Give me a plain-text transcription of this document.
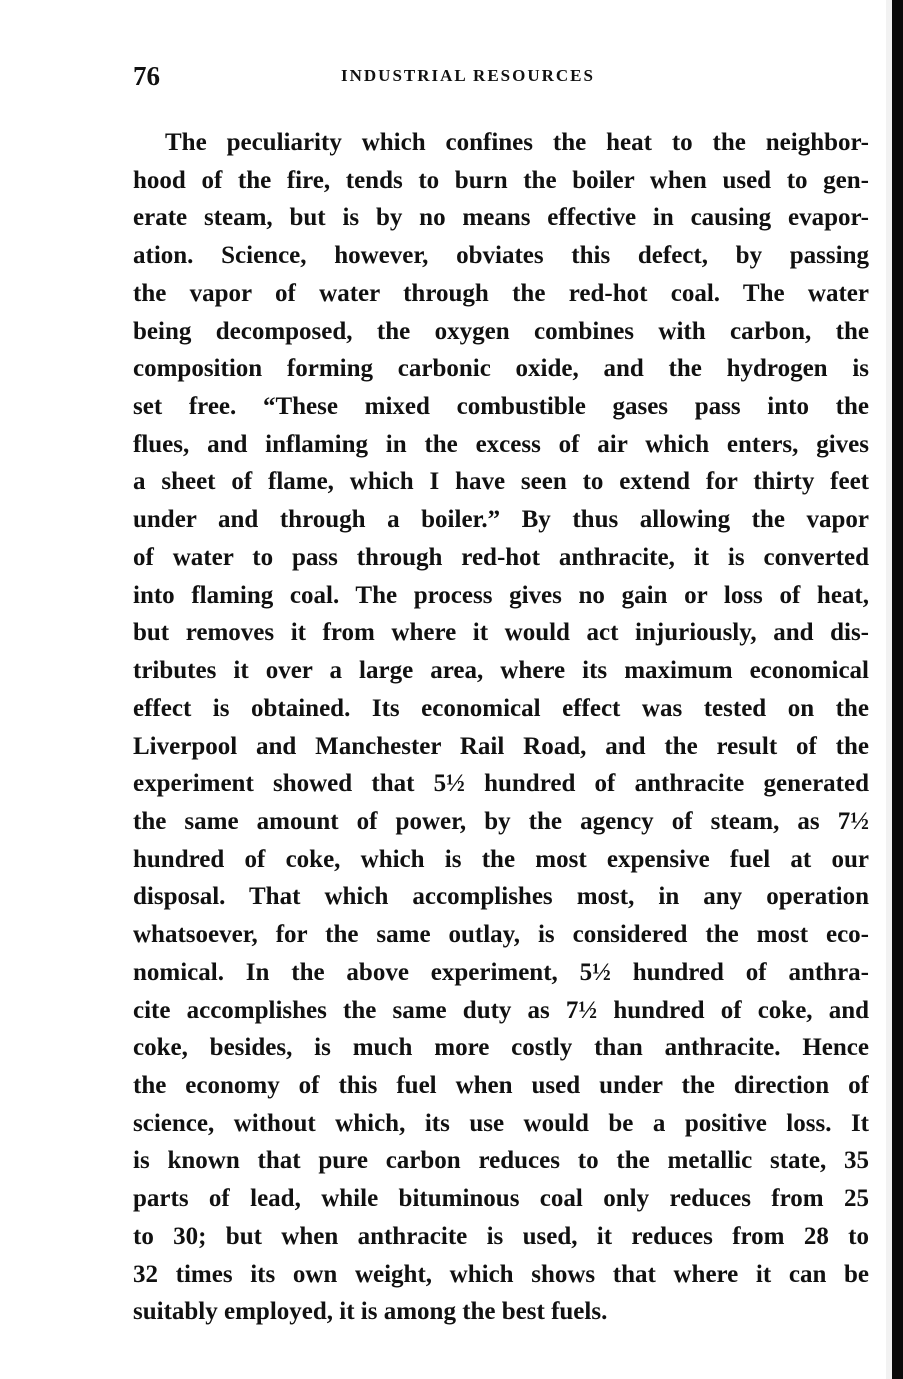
76	INDUSTRIAL RESOURCES
The peculiarity which confines the heat to the neighbor-
hood of the fire, tends to burn the boiler when used to gen-
erate steam, but is by no means effective in causing evapor-
ation. Science, however, obviates this defect, by passing
the vapor of water through the red-hot coal. The water
being decomposed, the oxygen combines with carbon, the
composition forming carbonic oxide, and the hydrogen is
set free. “These mixed combustible gases pass into the
flues, and inflaming in the excess of air which enters, gives
a sheet of flame, which I have seen to extend for thirty feet
under and through a boiler.” By thus allowing the vapor
of water to pass through red-hot anthracite, it is converted
into flaming coal. The process gives no gain or loss of heat,
but removes it from where it would act injuriously, and dis-
tributes it over a large area, where its maximum economical
effect is obtained. Its economical effect was tested on the
Liverpool and Manchester Rail Road, and the result of the
experiment showed that 5½ hundred of anthracite generated
the same amount of power, by the agency of steam, as 7½
hundred of coke, which is the most expensive fuel at our
disposal. That which accomplishes most, in any operation
whatsoever, for the same outlay, is considered the most eco-
nomical. In the above experiment, 5½ hundred of anthra-
cite accomplishes the same duty as 7½ hundred of coke, and
coke, besides, is much more costly than anthracite. Hence
the economy of this fuel when used under the direction of
science, without which, its use would be a positive loss. It
is known that pure carbon reduces to the metallic state, 35
parts of lead, while bituminous coal only reduces from 25
to 30; but when anthracite is used, it reduces from 28 to
32 times its own weight, which shows that where it can be
suitably employed, it is among the best fuels.
